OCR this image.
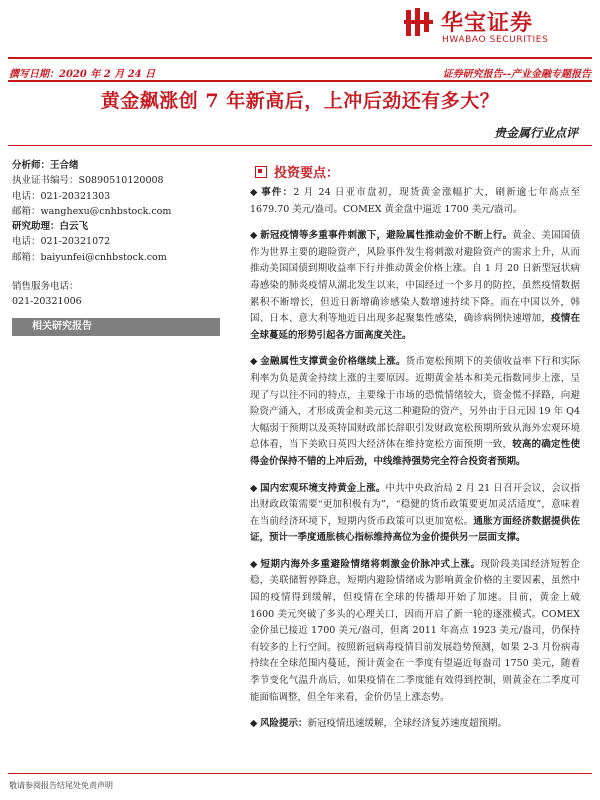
华宝证券
HWABAO SECURITIES
撰写日期：2020 年 2 月 24 日	证券研究报告--产业金融专题报告
黄金飙涨创 7 年新高后，上冲后劲还有多大？
贵金属行业点评
分析师：王合绪
执业证书编号：S0890510120008
电话：021-20321303
邮箱：wanghexu@cnhbstock.com
研究助理：白云飞
电话：021-20321072
邮箱：baiyunfei@cnhbstock.com
销售服务电话：
021-20321006
相关研究报告
投资要点：

◆ 事件：2 月 24 日亚市盘初，现货黄金涨幅扩大，刷新逾七年高点至 1679.70 美元/盎司。COMEX 黄金盘中逼近 1700 美元/盎司。

◆ 新冠疫情等多重事件刺激下，避险属性推动金价不断上行。黄金、美国国债作为世界主要的避险资产，风险事件发生将刺激对避险资产的需求上升，从而推动美国国债到期收益率下行并推动黄金价格上涨。自 1 月 20 日新型冠状病毒感染的肺炎疫情从湖北发生以来，中国经过一个多月的防控，虽然疫情数据累积不断增长，但近日新增确诊感染人数增速持续下降。而在中国以外，韩国、日本、意大利等地近日出现多起聚集性感染，确诊病例快速增加，疫情在全球蔓延的形势引起各方面高度关注。

◆ 金融属性支撑黄金价格继续上涨。货币宽松预期下的美债收益率下行和实际利率为负是黄金持续上涨的主要原因。近期黄金基本和美元指数同步上涨，呈现了与以往不同的特点，主要缘于市场的恐慌情绪较大，资金慌不择路，向避险资产涌入，才形成黄金和美元这二种避险的资产，另外由于日元因 19 年 Q4 大幅弱于预期以及英特国财政部长辞职引发财政宽松预期所致从海外宏观环境总体看，当下美欧日英四大经济体在维持宽松方面预期一致，较高的确定性使得金价保持不错的上冲后劲，中线维持强势完全符合投资者预期。

◆ 国内宏观环境支持黄金上涨。中共中央政治局 2 月 21 日召开会议，会议指出财政政策需要“更加积极有为”，“稳健的货币政策要更加灵活适度”，意味着在当前经济环境下，短期内货币政策可以更加宽松。通胀方面经济数据提供佐证，预计一季度通胀核心指标维持高位为金价提供另一层面支撑。

◆ 短期内海外多重避险情绪将刺激金价脉冲式上涨。现阶段美国经济短暂企稳，美联储暂停降息，短期内避险情绪成为影响黄金价格的主要因素，虽然中国的疫情得到缓解，但疫情在全球的传播却开始了加速。目前，黄金上破 1600 美元突破了多头的心理关口，因而开启了新一轮的逐涨模式。COMEX 金价虽已接近 1700 美元/盎司，但离 2011 年高点 1923 美元/盎司，仍保持有较多的上行空间。按照新冠病毒疫情目前发展趋势预测，如果 2-3 月份病毒持续在全球范围内蔓延，预计黄金在一季度有望逼近每盎司 1750 美元，随着季节变化气温升高后，如果疫情在二季度能有效得到控制，则黄金在二季度可能面临调整，但全年来看，金价仍呈上涨态势。

◆ 风险提示：新冠疫情迅速缓解，全球经济复苏速度超预期。

敬请参阅报告结尾处免责声明
